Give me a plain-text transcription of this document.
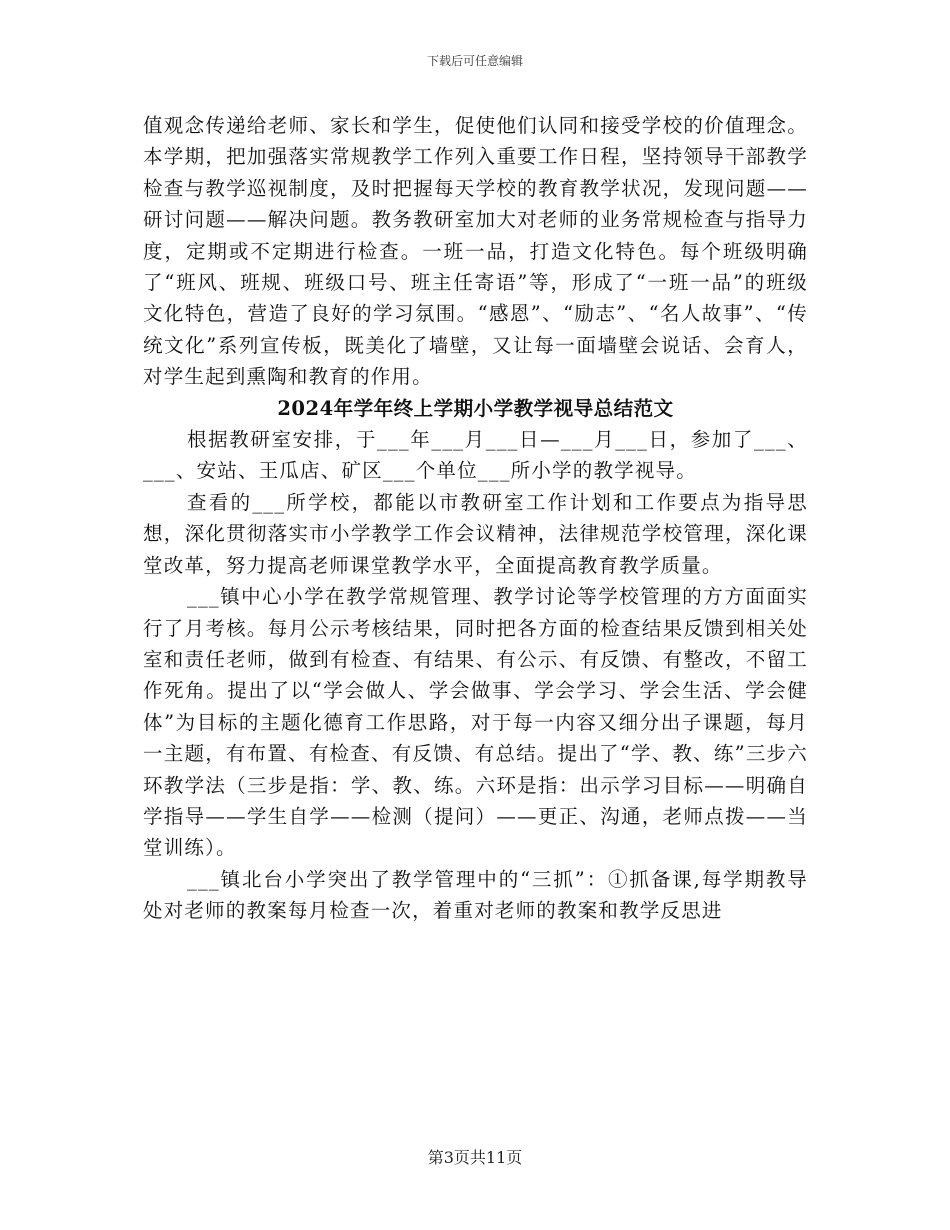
下载后可任意编辑

值观念传递给老师、家长和学生，促使他们认同和接受学校的价值理念。本学期，把加强落实常规教学工作列入重要工作日程，坚持领导干部教学检查与教学巡视制度，及时把握每天学校的教育教学状况，发现问题——研讨问题——解决问题。教务教研室加大对老师的业务常规检查与指导力度，定期或不定期进行检查。一班一品，打造文化特色。每个班级明确了“班风、班规、班级口号、班主任寄语”等，形成了“一班一品”的班级文化特色，营造了良好的学习氛围。“感恩”、“励志”、“名人故事”、“传统文化”系列宣传板，既美化了墙壁，又让每一面墙壁会说话、会育人，对学生起到熏陶和教育的作用。

2024年学年终上学期小学教学视导总结范文

根据教研室安排，于___年___月___日—___月___日，参加了___、___、安站、王瓜店、矿区___个单位___所小学的教学视导。

查看的___所学校，都能以市教研室工作计划和工作要点为指导思想，深化贯彻落实市小学教学工作会议精神，法律规范学校管理，深化课堂改革，努力提高老师课堂教学水平，全面提高教育教学质量。

___镇中心小学在教学常规管理、教学讨论等学校管理的方方面面实行了月考核。每月公示考核结果，同时把各方面的检查结果反馈到相关处室和责任老师，做到有检查、有结果、有公示、有反馈、有整改，不留工作死角。提出了以“学会做人、学会做事、学会学习、学会生活、学会健体”为目标的主题化德育工作思路，对于每一内容又细分出子课题，每月一主题，有布置、有检查、有反馈、有总结。提出了“学、教、练”三步六环教学法（三步是指：学、教、练。六环是指：出示学习目标——明确自学指导——学生自学——检测（提问）——更正、沟通，老师点拨——当堂训练）。

___镇北台小学突出了教学管理中的“三抓”：①抓备课,每学期教导处对老师的教案每月检查一次，着重对老师的教案和教学反思进

第3页共11页
